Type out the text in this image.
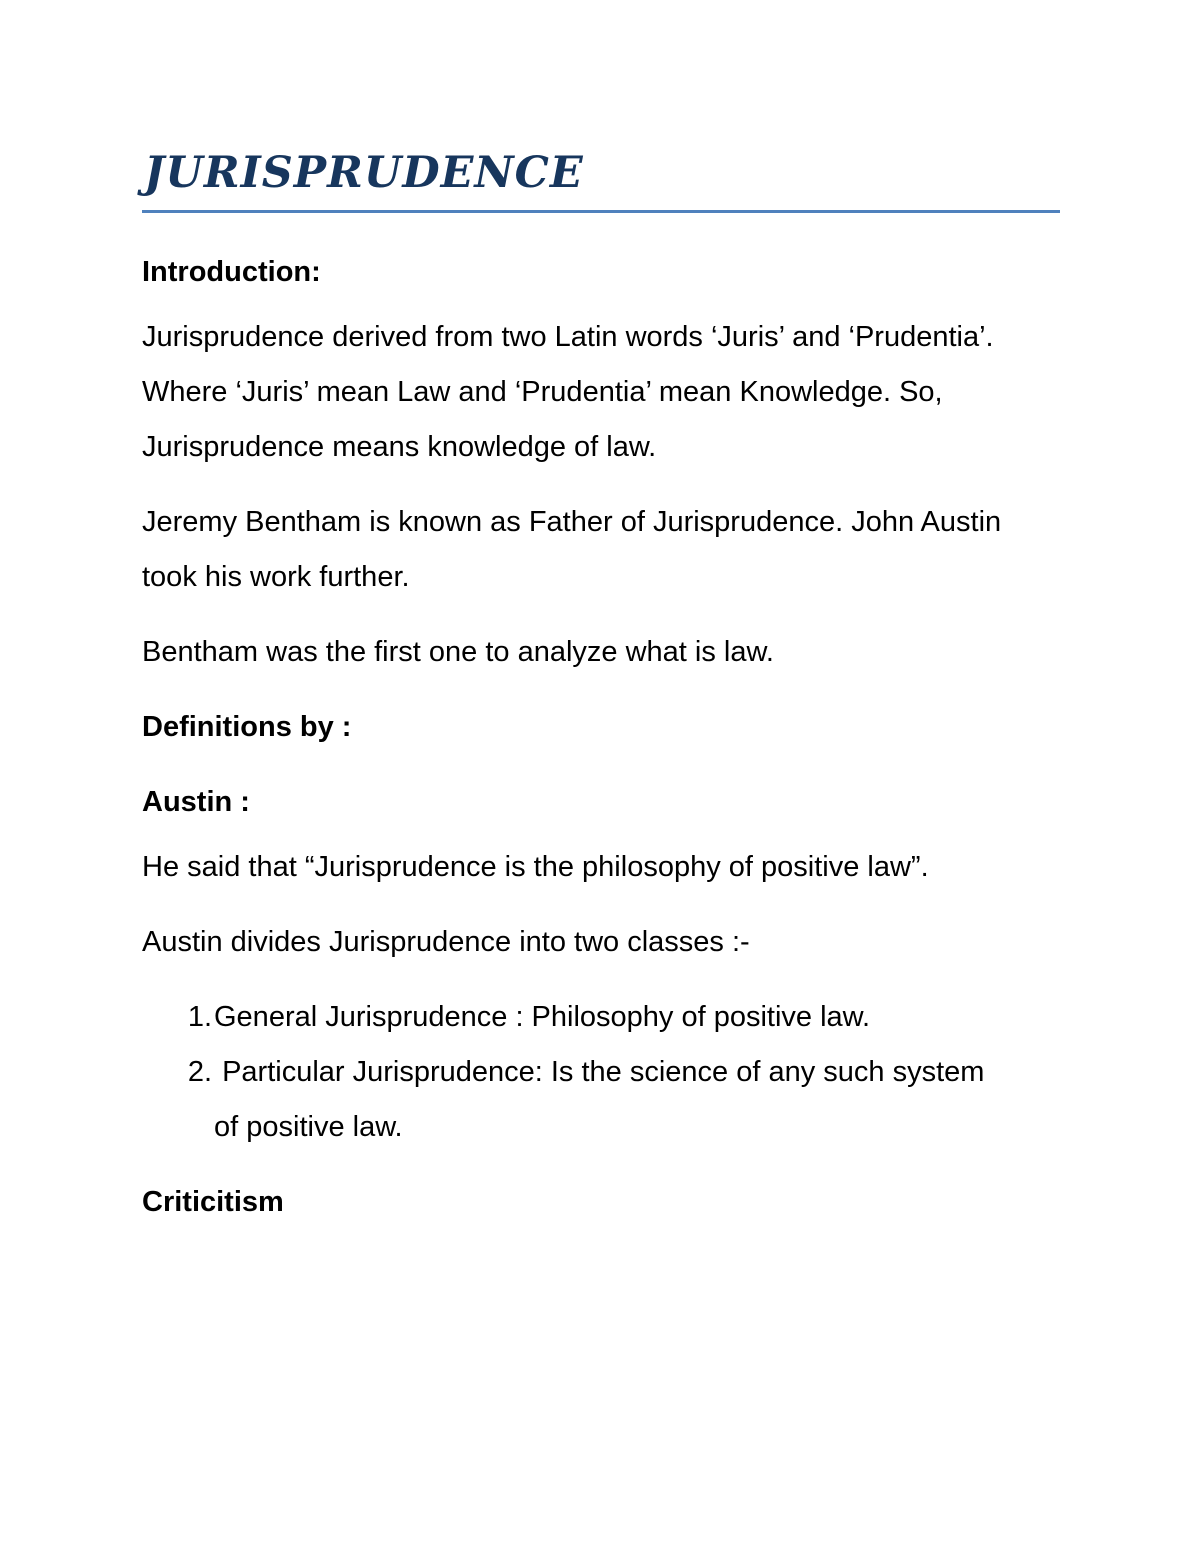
JURISPRUDENCE

Introduction:

Jurisprudence derived from two Latin words ‘Juris’ and ‘Prudentia’. Where ‘Juris’ mean Law and ‘Prudentia’ mean Knowledge. So, Jurisprudence means knowledge of law.

Jeremy Bentham is known as Father of Jurisprudence. John Austin took his work further.

Bentham was the first one to analyze what is law.

Definitions by :

Austin :

He said that “Jurisprudence is the philosophy of positive law”.

Austin divides Jurisprudence into two classes :-

1. General Jurisprudence : Philosophy of positive law.
2. Particular Jurisprudence: Is the science of any such system of positive law.

Criticitism
